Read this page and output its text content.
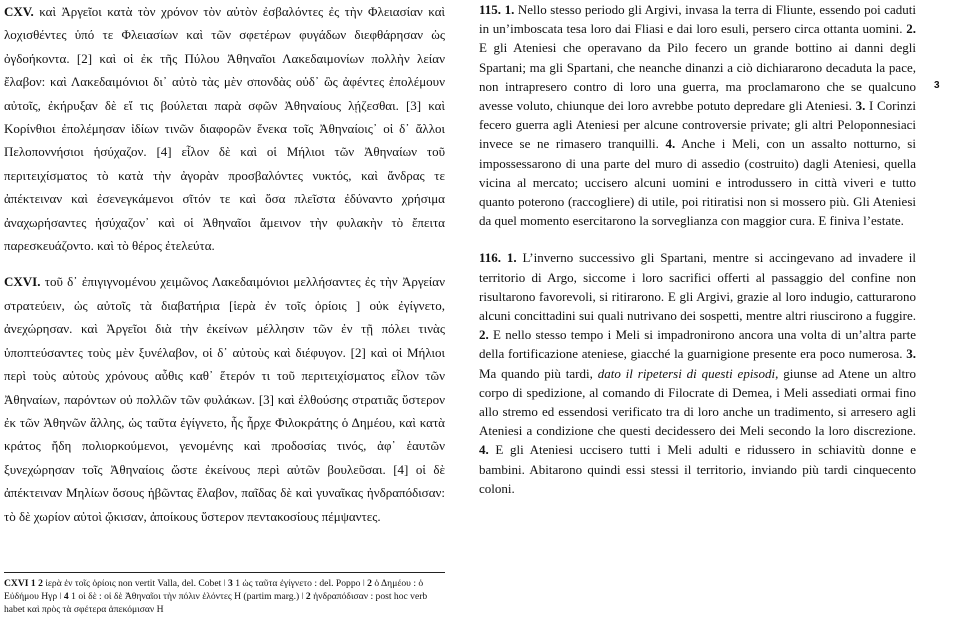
CXV. καὶ Ἀργεῖοι κατὰ τὸν χρόνον τὸν αὐτὸν ἐσβαλόντες ἐς τὴν Φλειασίαν καὶ λοχισθέντες ὑπό τε Φλειασίων καὶ τῶν σφετέρων φυγάδων διεφθάρησαν ὡς ὀγδοήκοντα. [2] καὶ οἱ ἐκ τῆς Πύλου Ἀθηναῖοι Λακεδαιμονίων πολλὴν λείαν ἔλαβον: καὶ Λακεδαιμόνιοι δι᾽ αὐτὸ τὰς μὲν σπονδὰς οὐδ᾽ ὣς ἀφέντες ἐπολέμουν αὐτοῖς, ἐκήρυξαν δὲ εἴ τις βούλεται παρὰ σφῶν Ἀθηναίους λῄζεσθαι. [3] καὶ Κορίνθιοι ἐπολέμησαν ἰδίων τινῶν διαφορῶν ἕνεκα τοῖς Ἀθηναίοις᾽ οἱ δ᾽ ἄλλοι Πελοποννήσιοι ἡσύχαζον. [4] εἷλον δὲ καὶ οἱ Μήλιοι τῶν Ἀθηναίων τοῦ περιτειχίσματος τὸ κατὰ τὴν ἀγορὰν προσβαλόντες νυκτός, καὶ ἄνδρας τε ἀπέκτειναν καὶ ἐσενεγκάμενοι σῖτόν τε καὶ ὅσα πλεῖστα ἐδύναντο χρήσιμα ἀναχωρήσαντες ἡσύχαζον᾽ καὶ οἱ Ἀθηναῖοι ἄμεινον τὴν φυλακὴν τὸ ἔπειτα παρεσκευάζοντο. καὶ τὸ θέρος ἐτελεύτα.

CXVI. τοῦ δ᾽ ἐπιγιγνομένου χειμῶνος Λακεδαιμόνιοι μελλήσαντες ἐς τὴν Ἀργείαν στρατεύειν, ὡς αὐτοῖς τὰ διαβατήρια [ἱερὰ ἐν τοῖς ὁρίοις ] οὐκ ἐγίγνετο, ἀνεχώρησαν. καὶ Ἀργεῖοι διὰ τὴν ἐκείνων μέλλησιν τῶν ἐν τῇ πόλει τινὰς ὑποπτεύσαντες τοὺς μὲν ξυνέλαβον, οἱ δ᾽ αὐτοὺς καὶ διέφυγον. [2] καὶ οἱ Μήλιοι περὶ τοὺς αὐτοὺς χρόνους αὖθις καθ᾽ ἕτερόν τι τοῦ περιτειχίσματος εἷλον τῶν Ἀθηναίων, παρόντων οὐ πολλῶν τῶν φυλάκων. [3] καὶ ἐλθούσης στρατιᾶς ὕστερον ἐκ τῶν Ἀθηνῶν ἄλλης, ὡς ταῦτα ἐγίγνετο, ἧς ἦρχε Φιλοκράτης ὁ Δημέου, καὶ κατὰ κράτος ἤδη πολιορκούμενοι, γενομένης καὶ προδοσίας τινός, ἀφ᾽ ἑαυτῶν ξυνεχώρησαν τοῖς Ἀθηναίοις ὥστε ἐκείνους περὶ αὐτῶν βουλεῦσαι. [4] οἱ δὲ ἀπέκτειναν Μηλίων ὅσους ἡβῶντας ἔλαβον, παῖδας δὲ καὶ γυναῖκας ἠνδραπόδισαν: τὸ δὲ χωρίον αὐτοὶ ᾤκισαν, ἀποίκους ὕστερον πεντακοσίους πέμψαντες.

CXVI 1 2 ἱερὰ ἐν τοῖς ὁρίοις non vertit Valla, del. Cobet ǀ 3 1 ὡς ταῦτα ἐγίγνετο : del. Poppo ǀ 2 ὁ Δημέου : ὁ Εὐδήμου Hγρ ǀ 4 1 οἱ δὲ : οἱ δὲ Ἀθηναῖοι τὴν πόλιν ἑλόντες H (partim marg.) ǀ 2 ἠνδραπόδισαν : post hoc verb habet καὶ πρὸς τὰ σφέτερα ἀπεκόμισαν H

115. 1. Nello stesso periodo gli Argivi, invasa la terra di Fliunte, essendo poi caduti in un’imboscata tesa loro dai Fliasi e dai loro esuli, persero circa ottanta uomini. 2. E gli Ateniesi che operavano da Pilo fecero un grande bottino ai danni degli Spartani; ma gli Spartani, che neanche dinanzi a ciò dichiararono decaduta la pace, non intrapresero contro di loro una guerra, ma proclamarono che se qualcuno avesse voluto, chiunque dei loro avrebbe potuto depredare gli Ateniesi. 3. I Corinzi fecero guerra agli Ateniesi per alcune controversie private; gli altri Peloponnesiaci invece se ne rimasero tranquilli. 4. Anche i Meli, con un assalto notturno, si impossessarono di una parte del muro di assedio (costruito) dagli Ateniesi, quella vicina al mercato; uccisero alcuni uomini e introdussero in città viveri e tutto quanto poterono (raccogliere) di utile, poi ritiratisi non si mossero più. Gli Ateniesi da quel momento esercitarono la sorveglianza con maggior cura. E finiva l’estate.

116. 1. L’inverno successivo gli Spartani, mentre si accingevano ad invadere il territorio di Argo, siccome i loro sacrifici offerti al passaggio del confine non risultarono favorevoli, si ritirarono. E gli Argivi, grazie al loro indugio, catturarono alcuni concittadini sui quali nutrivano dei sospetti, mentre altri riuscirono a fuggire. 2. E nello stesso tempo i Meli si impadronirono ancora una volta di un’altra parte della fortificazione ateniese, giacché la guarnigione presente era poco numerosa. 3. Ma quando più tardi, dato il ripetersi di questi episodi, giunse ad Atene un altro corpo di spedizione, al comando di Filocrate di Demea, i Meli assediati ormai fino allo stremo ed essendosi verificato tra di loro anche un tradimento, si arresero agli Ateniesi a condizione che questi decidessero dei Meli secondo la loro discrezione. 4. E gli Ateniesi uccisero tutti i Meli adulti e ridussero in schiavitù donne e bambini. Abitarono quindi essi stessi il territorio, inviando più tardi cinquecento coloni.

3
